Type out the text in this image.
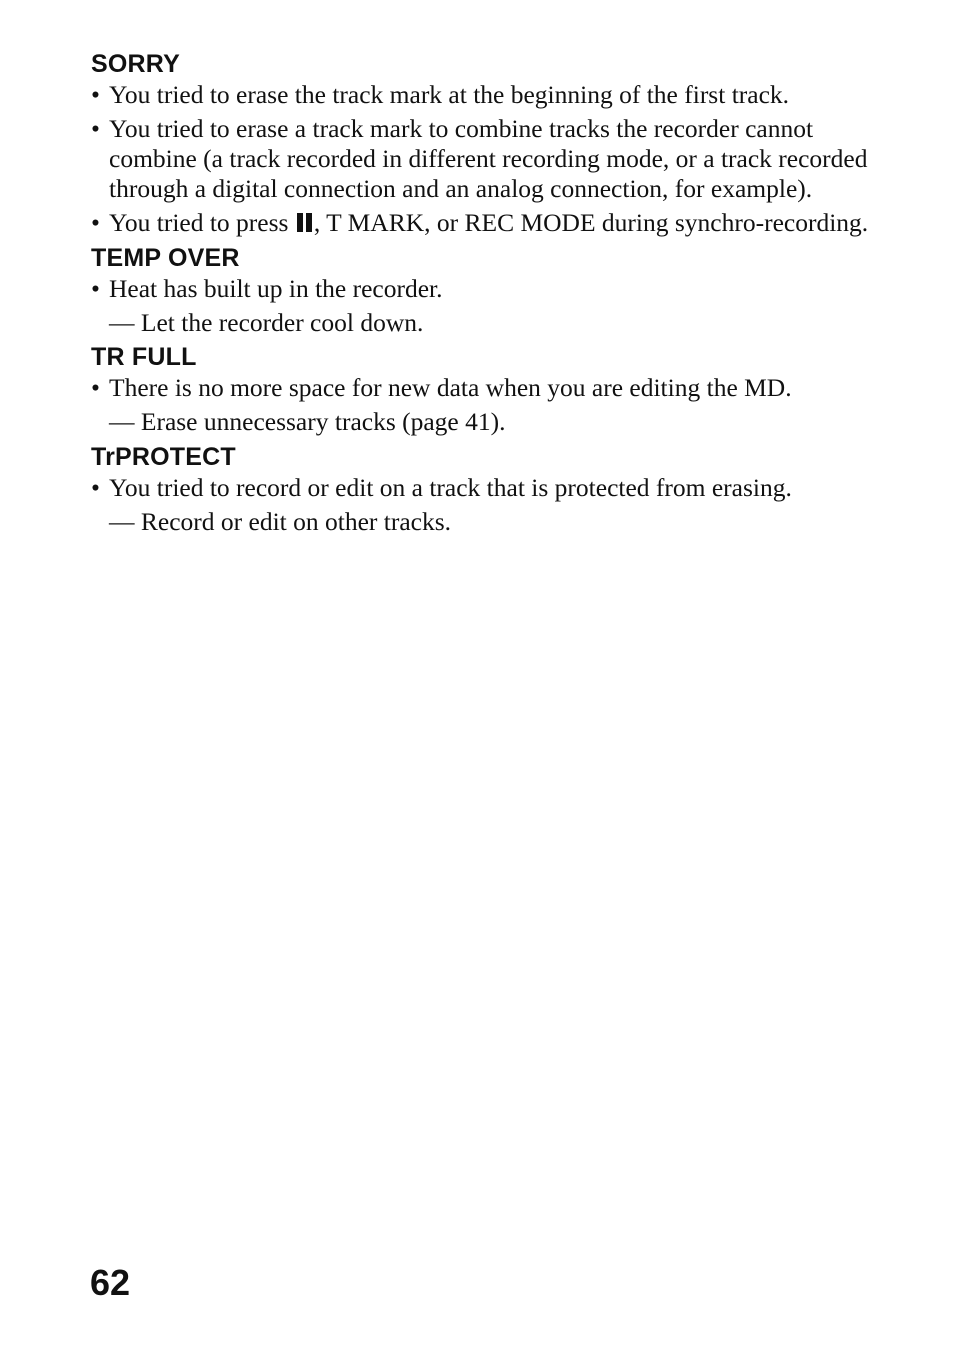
SORRY

• You tried to erase the track mark at the beginning of the first track.

• You tried to erase a track mark to combine tracks the recorder cannot combine (a track recorded in different recording mode, or a track recorded through a digital connection and an analog connection, for example).

• You tried to press , T MARK, or REC MODE during synchro-recording.

TEMP OVER

• Heat has built up in the recorder.

— Let the recorder cool down.

TR FULL

• There is no more space for new data when you are editing the MD.

— Erase unnecessary tracks (page 41).

TrPROTECT

• You tried to record or edit on a track that is protected from erasing.

— Record or edit on other tracks.

62
